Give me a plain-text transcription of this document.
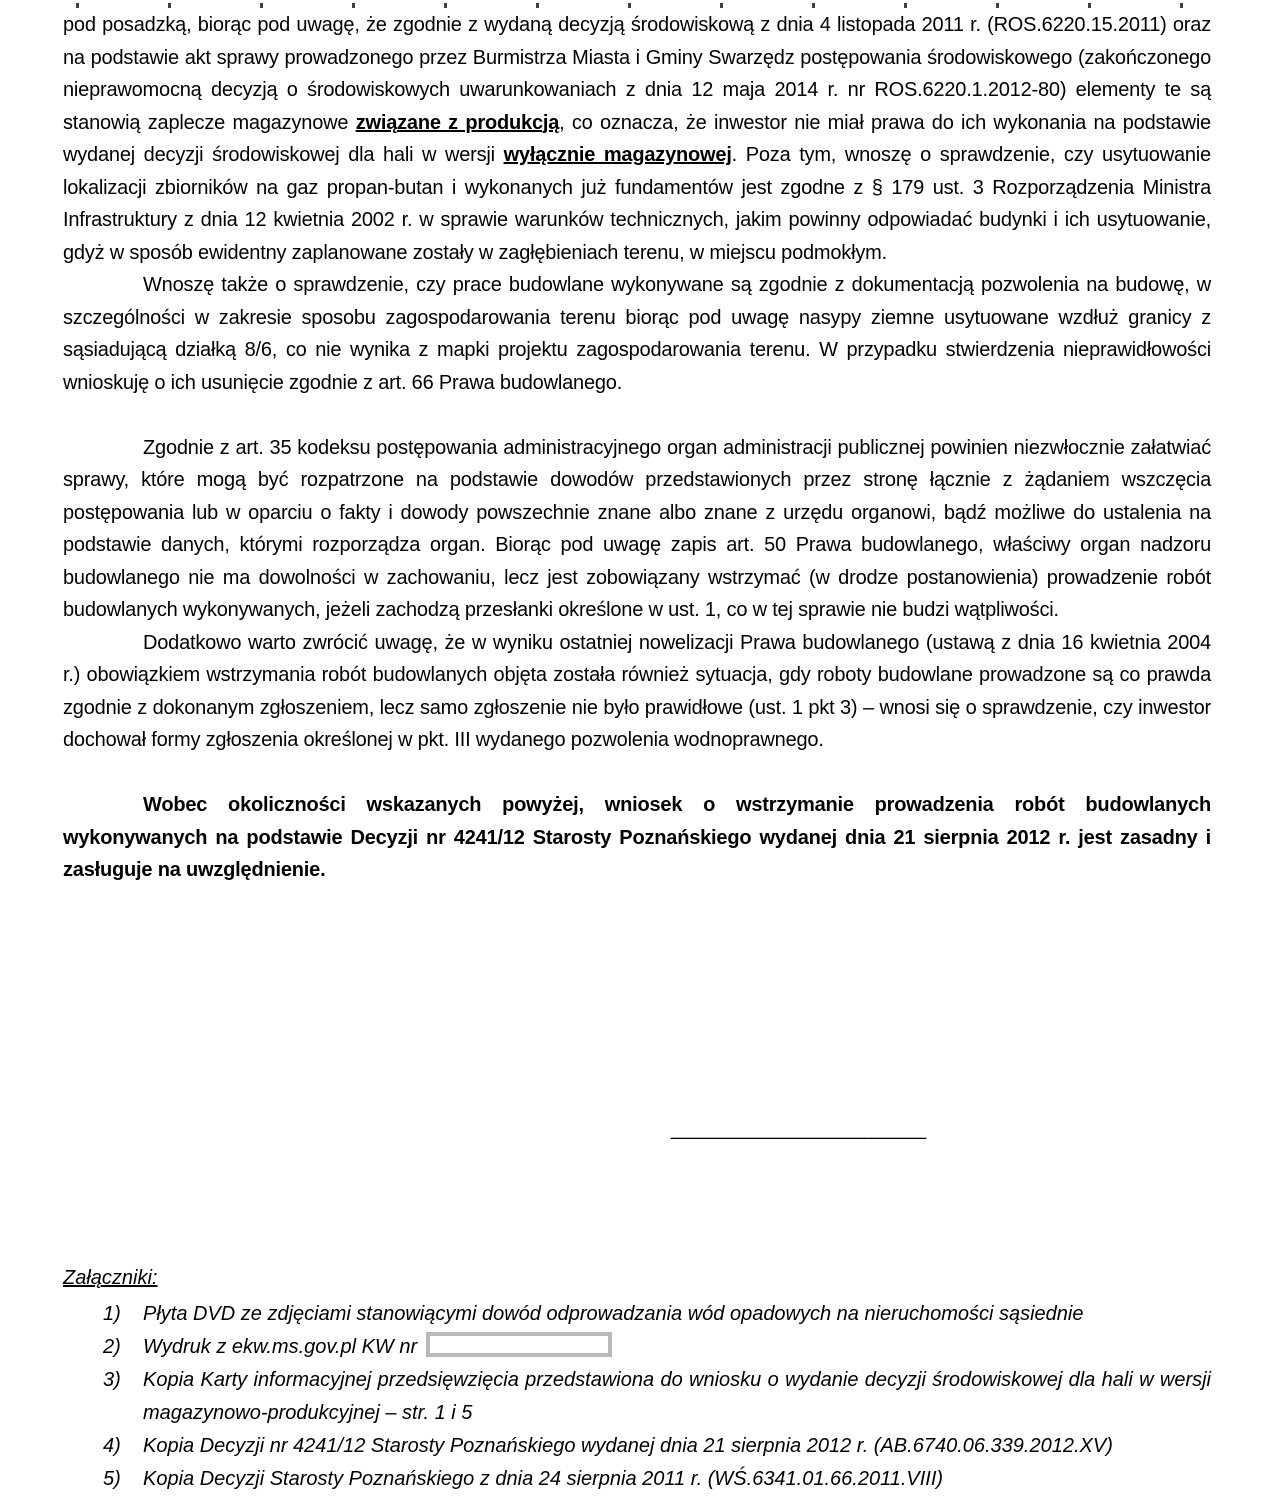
pod posadzką, biorąc pod uwagę, że zgodnie z wydaną decyzją środowiskową z dnia 4 listopada 2011 r. (ROS.6220.15.2011) oraz na podstawie akt sprawy prowadzonego przez Burmistrza Miasta i Gminy Swarzędz postępowania środowiskowego (zakończonego nieprawomocną decyzją o środowiskowych uwarunkowaniach z dnia 12 maja 2014 r. nr ROS.6220.1.2012-80) elementy te są stanowią zaplecze magazynowe związane z produkcją, co oznacza, że inwestor nie miał prawa do ich wykonania na podstawie wydanej decyzji środowiskowej dla hali w wersji wyłącznie magazynowej. Poza tym, wnoszę o sprawdzenie, czy usytuowanie lokalizacji zbiorników na gaz propan-butan i wykonanych już fundamentów jest zgodne z § 179 ust. 3 Rozporządzenia Ministra Infrastruktury z dnia 12 kwietnia 2002 r. w sprawie warunków technicznych, jakim powinny odpowiadać budynki i ich usytuowanie, gdyż w sposób ewidentny zaplanowane zostały w zagłębieniach terenu, w miejscu podmokłym.

Wnoszę także o sprawdzenie, czy prace budowlane wykonywane są zgodnie z dokumentacją pozwolenia na budowę, w szczególności w zakresie sposobu zagospodarowania terenu biorąc pod uwagę nasypy ziemne usytuowane wzdłuż granicy z sąsiadującą działką 8/6, co nie wynika z mapki projektu zagospodarowania terenu. W przypadku stwierdzenia nieprawidłowości wnioskuję o ich usunięcie zgodnie z art. 66 Prawa budowlanego.

Zgodnie z art. 35 kodeksu postępowania administracyjnego organ administracji publicznej powinien niezwłocznie załatwiać sprawy, które mogą być rozpatrzone na podstawie dowodów przedstawionych przez stronę łącznie z żądaniem wszczęcia postępowania lub w oparciu o fakty i dowody powszechnie znane albo znane z urzędu organowi, bądź możliwe do ustalenia na podstawie danych, którymi rozporządza organ. Biorąc pod uwagę zapis art. 50 Prawa budowlanego, właściwy organ nadzoru budowlanego nie ma dowolności w zachowaniu, lecz jest zobowiązany wstrzymać (w drodze postanowienia) prowadzenie robót budowlanych wykonywanych, jeżeli zachodzą przesłanki określone w ust. 1, co w tej sprawie nie budzi wątpliwości.

Dodatkowo warto zwrócić uwagę, że w wyniku ostatniej nowelizacji Prawa budowlanego (ustawą z dnia 16 kwietnia 2004 r.) obowiązkiem wstrzymania robót budowlanych objęta została również sytuacja, gdy roboty budowlane prowadzone są co prawda zgodnie z dokonanym zgłoszeniem, lecz samo zgłoszenie nie było prawidłowe (ust. 1 pkt 3) – wnosi się o sprawdzenie, czy inwestor dochował formy zgłoszenia określonej w pkt. III wydanego pozwolenia wodnoprawnego.

Wobec okoliczności wskazanych powyżej, wniosek o wstrzymanie prowadzenia robót budowlanych wykonywanych na podstawie Decyzji nr 4241/12 Starosty Poznańskiego wydanej dnia 21 sierpnia 2012 r. jest zasadny i zasługuje na uwzględnienie.

______________________
Załączniki:
1)	Płyta DVD ze zdjęciami stanowiącymi dowód odprowadzania wód opadowych na nieruchomości sąsiednie
2)	Wydruk z ekw.ms.gov.pl KW nr
3)	Kopia Karty informacyjnej przedsięwzięcia przedstawiona do wniosku o wydanie decyzji środowiskowej dla hali w wersji magazynowo-produkcyjnej – str. 1 i 5
4)	Kopia Decyzji nr 4241/12 Starosty Poznańskiego wydanej dnia 21 sierpnia 2012 r. (AB.6740.06.339.2012.XV)
5)	Kopia Decyzji Starosty Poznańskiego z dnia 24 sierpnia 2011 r. (WŚ.6341.01.66.2011.VIII)
